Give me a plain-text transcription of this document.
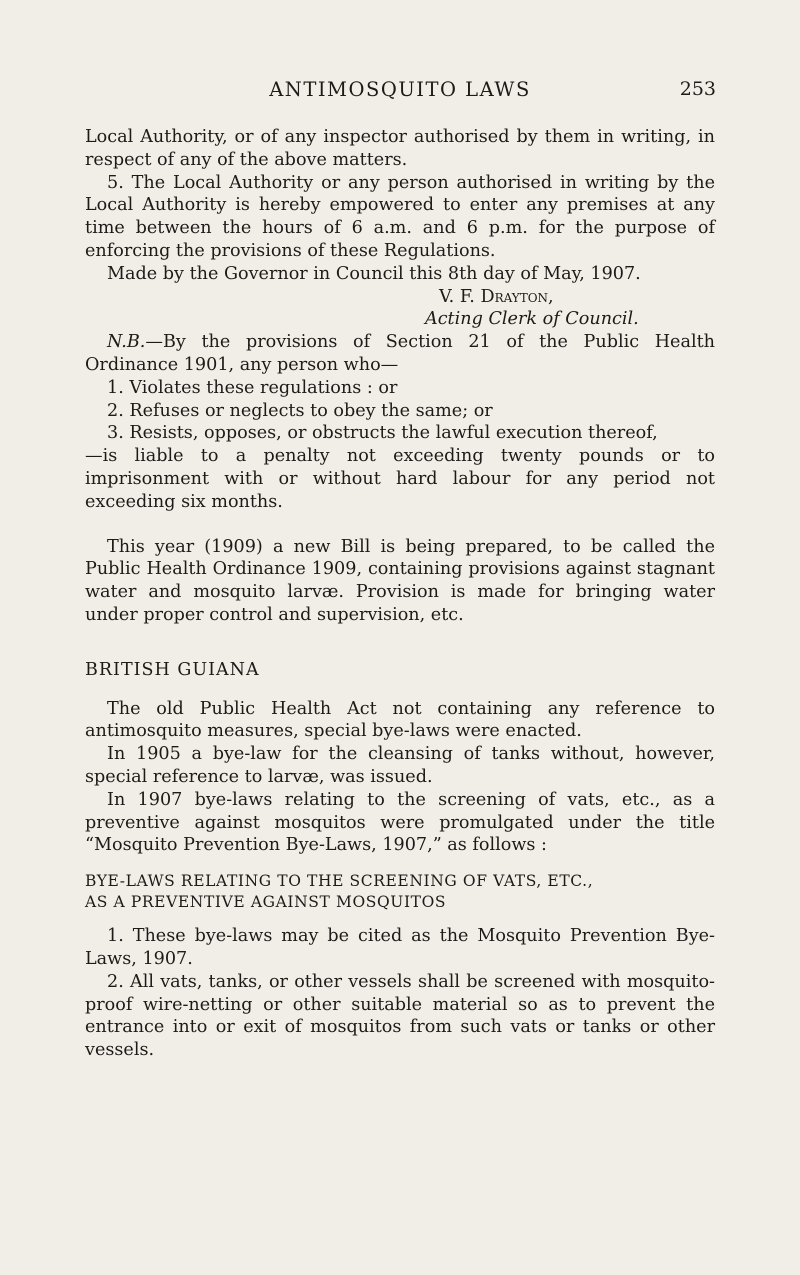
ANTIMOSQUITO LAWS	253

Local Authority, or of any inspector authorised by them in writing, in respect of any of the above matters.

5. The Local Authority or any person authorised in writing by the Local Authority is hereby empowered to enter any premises at any time between the hours of 6 a.m. and 6 p.m. for the purpose of enforcing the provisions of these Regulations.

Made by the Governor in Council this 8th day of May, 1907.

V. F. Drayton,

Acting Clerk of Council.

N.B.—By the provisions of Section 21 of the Public Health Ordinance 1901, any person who—

1. Violates these regulations : or

2. Refuses or neglects to obey the same; or

3. Resists, opposes, or obstructs the lawful execution thereof,

—is liable to a penalty not exceeding twenty pounds or to imprisonment with or without hard labour for any period not exceeding six months.

This year (1909) a new Bill is being prepared, to be called the Public Health Ordinance 1909, containing provisions against stagnant water and mosquito larvæ. Provision is made for bringing water under proper control and supervision, etc.

BRITISH GUIANA

The old Public Health Act not containing any reference to antimosquito measures, special bye-laws were enacted.

In 1905 a bye-law for the cleansing of tanks without, however, special reference to larvæ, was issued.

In 1907 bye-laws relating to the screening of vats, etc., as a preventive against mosquitos were promulgated under the title “Mosquito Prevention Bye-Laws, 1907,” as follows :

BYE-LAWS RELATING TO THE SCREENING OF VATS, ETC.,

AS A PREVENTIVE AGAINST MOSQUITOS

1. These bye-laws may be cited as the Mosquito Prevention Bye-Laws, 1907.

2. All vats, tanks, or other vessels shall be screened with mosquito-proof wire-netting or other suitable material so as to prevent the entrance into or exit of mosquitos from such vats or tanks or other vessels.
